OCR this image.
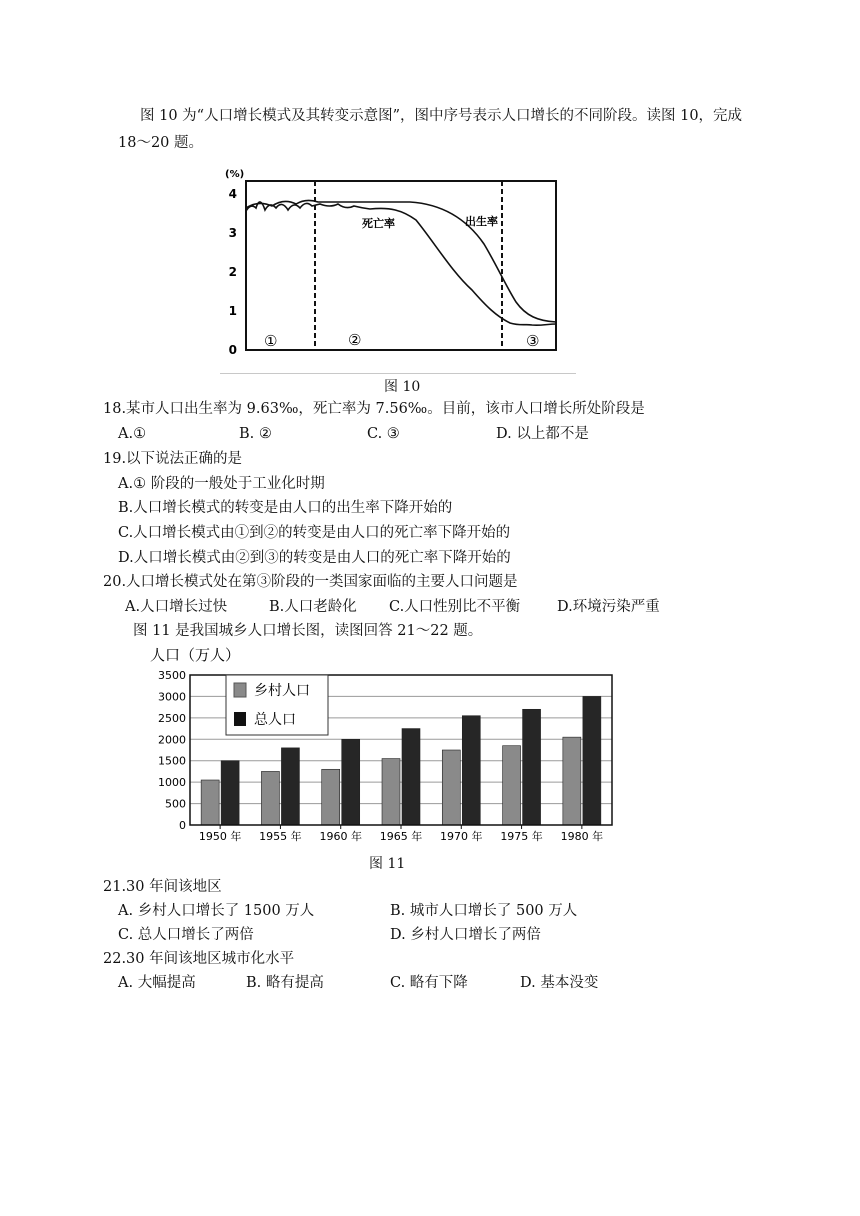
图 10 为“人口增长模式及其转变示意图”，图中序号表示人口增长的不同阶段。读图 10，完成
18～20 题。
(%)
4
3
2
1
0
死亡率	出生率
①	②	③
图 10
18.某市人口出生率为 9.63‰，死亡率为 7.56‰。目前，该市人口增长所处阶段是
A.①	B. ②	C. ③	D. 以上都不是
19.以下说法正确的是
A.① 阶段的一般处于工业化时期
B.人口增长模式的转变是由人口的出生率下降开始的
C.人口增长模式由①到②的转变是由人口的死亡率下降开始的
D.人口增长模式由②到③的转变是由人口的死亡率下降开始的
20.人口增长模式处在第③阶段的一类国家面临的主要人口问题是
A.人口增长过快	B.人口老龄化 C.人口性别比不平衡	D.环境污染严重
图 11 是我国城乡人口增长图，读图回答 21～22 题。
人口（万人）
0
500
1000
1500
2000
2500
3000
3500
1950 年 1955 年 1960 年 1965 年 1970 年 1975 年 1980 年
乡村人口
总人口
图 11
21.30 年间该地区
A. 乡村人口增长了 1500 万人	B. 城市人口增长了 500 万人
C. 总人口增长了两倍	D. 乡村人口增长了两倍
22.30 年间该地区城市化水平
A. 大幅提高	B. 略有提高	C. 略有下降	D. 基本没变
